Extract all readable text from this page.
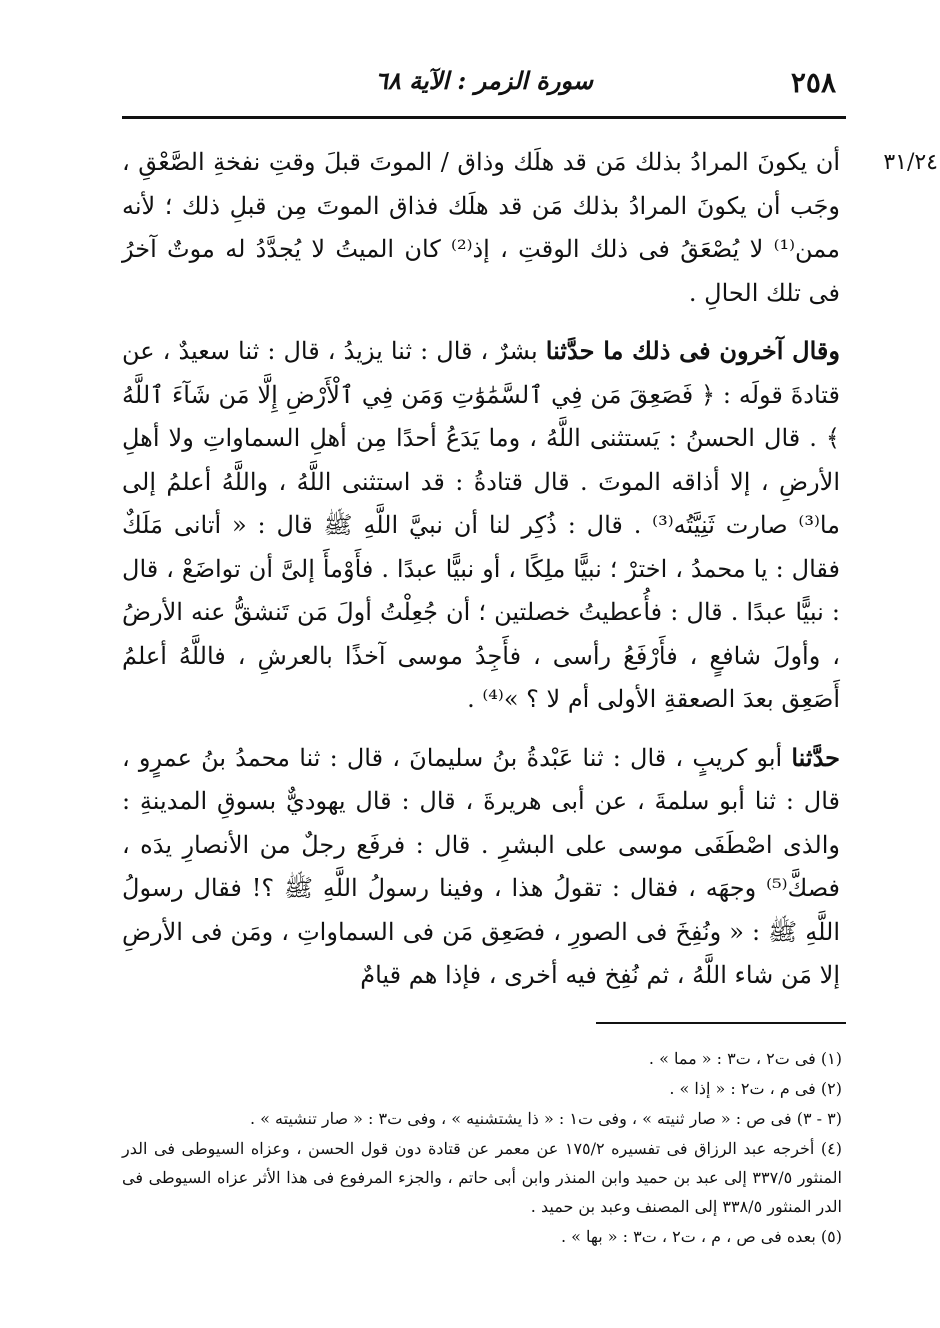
٢٥٨
سورة الزمر : الآية ٦٨
٣١/٢٤

أن يكونَ المرادُ بذلك مَن قد هلَك وذاق / الموتَ قبلَ وقتِ نفخةِ الصَّعْقِ ، وجَب أن يكونَ المرادُ بذلك مَن قد هلَك فذاق الموتَ مِن قبلِ ذلك ؛ لأنه ممن⁽¹⁾ لا يُصْعَقُ فى ذلك الوقتِ ، إذ⁽²⁾ كان الميتُ لا يُجدَّدُ له موتٌ آخرُ فى تلك الحالِ .

وقال آخرون فى ذلك ما حدَّثنا بشرٌ ، قال : ثنا يزيدُ ، قال : ثنا سعيدٌ ، عن قتادةَ قولَه : ﴿ فَصَعِقَ مَن فِي ٱلسَّمَٰوَٰتِ وَمَن فِي ٱلْأَرْضِ إِلَّا مَن شَآءَ ٱللَّهُ ﴾ . قال الحسنُ : يَستثنى اللَّهُ ، وما يَدَعُ أحدًا مِن أهلِ السماواتِ ولا أهلِ الأرضِ ، إلا أذاقه الموتَ . قال قتادةُ : قد استثنى اللَّهُ ، واللَّهُ أعلمُ إلى ما⁽³⁾ صارت ثَنِيَّتُه⁽³⁾ . قال : ذُكِر لنا أن نبيَّ اللَّهِ ﷺ قال : « أتانى مَلَكٌ فقال : يا محمدُ ، اخترْ ؛ نبيًّا ملِكًا ، أو نبيًّا عبدًا . فأَوْمأَ إلىَّ أن تواضَعْ ، قال : نبيًّا عبدًا . قال : فأُعطيتُ خصلتين ؛ أن جُعِلْتُ أولَ مَن تَنشقُّ عنه الأرضُ ، وأولَ شافعٍ ، فأَرْفَعُ رأسى ، فأَجِدُ موسى آخذًا بالعرشِ ، فاللَّهُ أعلمُ أَصَعِق بعدَ الصعقةِ الأولى أم لا ؟ »⁽⁴⁾ .

حدَّثنا أبو كريبٍ ، قال : ثنا عَبْدةُ بنُ سليمانَ ، قال : ثنا محمدُ بنُ عمرٍو ، قال : ثنا أبو سلمةَ ، عن أبى هريرةَ ، قال : قال يهوديٌّ بسوقِ المدينةِ : والذى اصْطَفَى موسى على البشرِ . قال : فرفَع رجلٌ من الأنصارِ يدَه ، فصكَّ⁽⁵⁾ وجهَه ، فقال : تقولُ هذا ، وفينا رسولُ اللَّهِ ﷺ ؟! فقال رسولُ اللَّهِ ﷺ : « ونُفِخَ فى الصورِ ، فصَعِق مَن فى السماواتِ ، ومَن فى الأرضِ إلا مَن شاء اللَّهُ ، ثم نُفِخ فيه أخرى ، فإذا هم قيامٌ

(١) فى ت٢ ، ت٣ : « مما » .

(٢) فى م ، ت٢ : « إذا » .

(٣ - ٣) فى ص : « صار ثنيته » ، وفى ت١ : « ذا يشتشنيه » ، وفى ت٣ : « صار تنشيته » .

(٤) أخرجه عبد الرزاق فى تفسيره ١٧٥/٢ عن معمر عن قتادة دون قول الحسن ، وعزاه السيوطى فى الدر المنثور ٣٣٧/٥ إلى عبد بن حميد وابن المنذر وابن أبى حاتم ، والجزء المرفوع فى هذا الأثر عزاه السيوطى فى الدر المنثور ٣٣٨/٥ إلى المصنف وعبد بن حميد .

(٥) بعده فى ص ، م ، ت٢ ، ت٣ : « بها » .
